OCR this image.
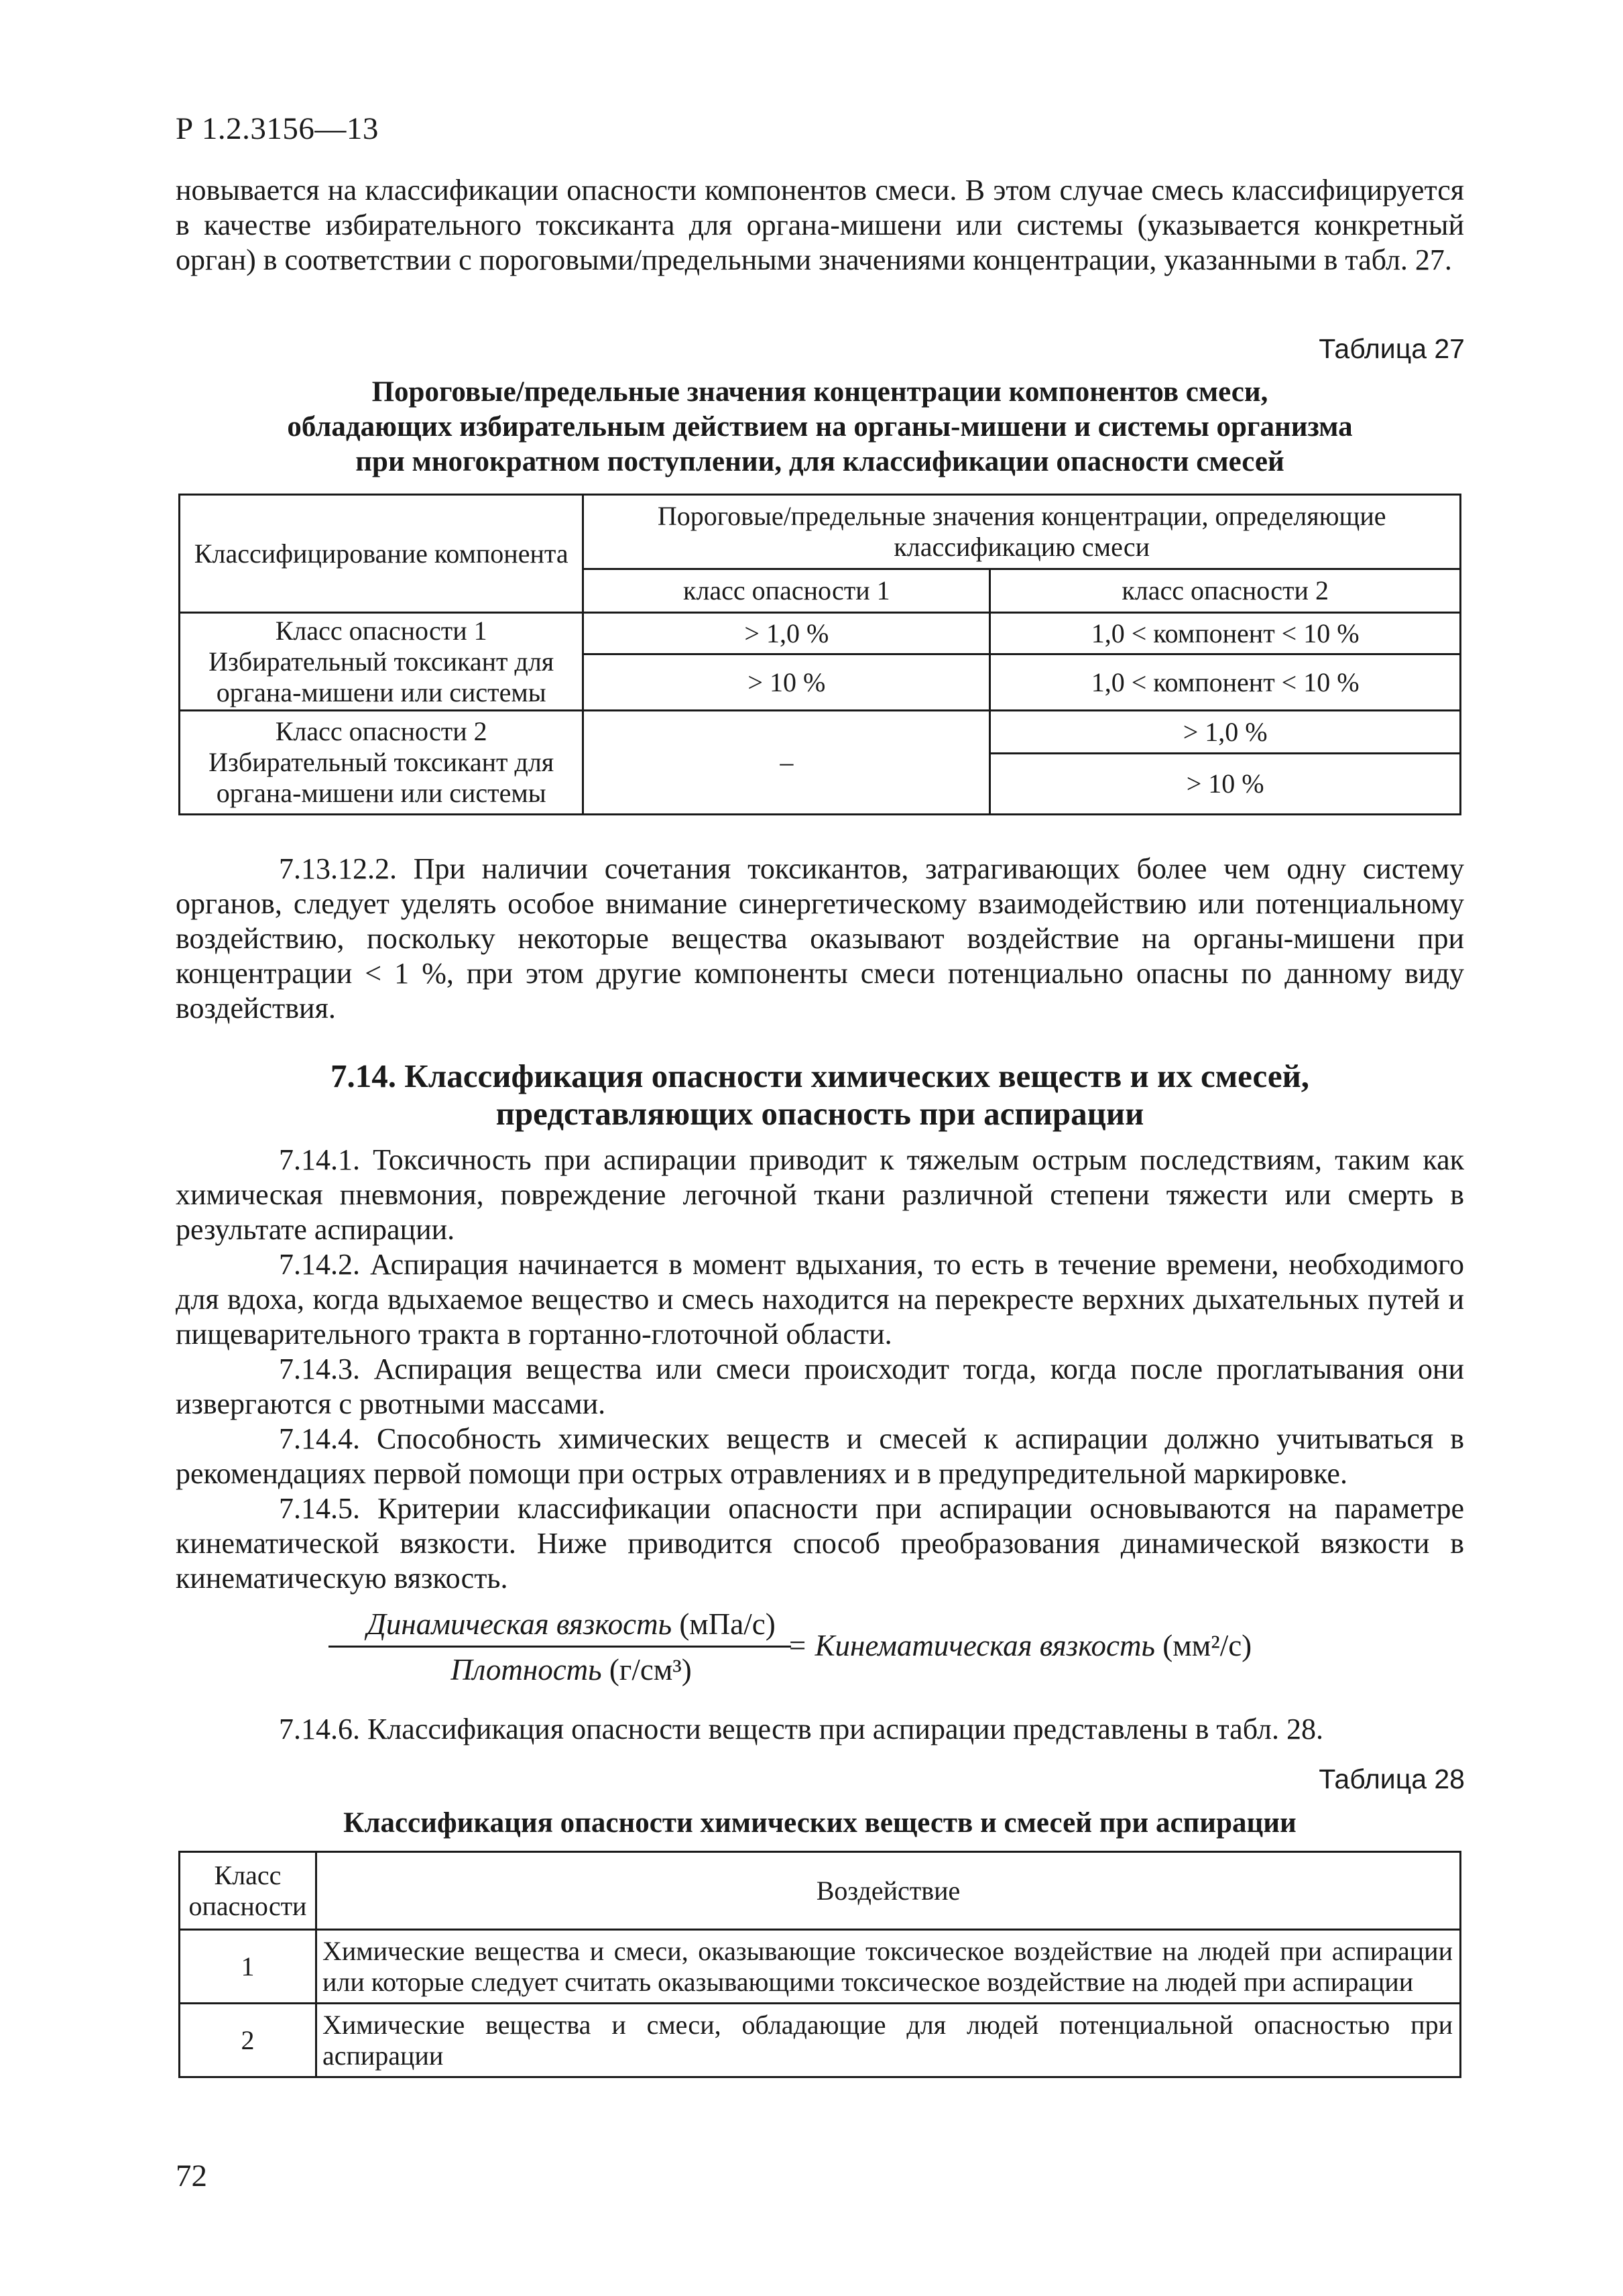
Р 1.2.3156—13

новывается на классификации опасности компонентов смеси. В этом случае смесь классифицируется в качестве избирательного токсиканта для органа-мишени или системы (указывается конкретный орган) в соответствии с пороговыми/предельными значениями концентрации, указанными в табл. 27.

Таблица 27
Пороговые/предельные значения концентрации компонентов смеси,
обладающих избирательным действием на органы-мишени и системы организма
при многократном поступлении, для классификации опасности смесей
Классифицирование компонента	Пороговые/предельные значения концентрации, определяющие классификацию смеси	
	класс опасности 1	класс опасности 2
Класс опасности 1 Избирательный токсикант для органа-мишени или системы	> 1,0 %	1,0 < компонент < 10 %
	> 10 %	1,0 < компонент < 10 %
Класс опасности 2 Избирательный токсикант для органа-мишени или системы	–	> 1,0 %
		> 10 %

7.13.12.2. При наличии сочетания токсикантов, затрагивающих более чем одну систему органов, следует уделять особое внимание синергетическому взаимодействию или потенциальному воздействию, поскольку некоторые вещества оказывают воздействие на органы-мишени при концентрации < 1 %, при этом другие компоненты смеси потенциально опасны по данному виду воздействия.

7.14. Классификация опасности химических веществ и их смесей,
представляющих опасность при аспирации

7.14.1. Токсичность при аспирации приводит к тяжелым острым последствиям, таким как химическая пневмония, повреждение легочной ткани различной степени тяжести или смерть в результате аспирации.

7.14.2. Аспирация начинается в момент вдыхания, то есть в течение времени, необходимого для вдоха, когда вдыхаемое вещество и смесь находится на перекресте верхних дыхательных путей и пищеварительного тракта в гортанно-глоточной области.

7.14.3. Аспирация вещества или смеси происходит тогда, когда после проглатывания они извергаются с рвотными массами.

7.14.4. Способность химических веществ и смесей к аспирации должно учитываться в рекомендациях первой помощи при острых отравлениях и в предупредительной маркировке.

7.14.5. Критерии классификации опасности при аспирации основываются на параметре кинематической вязкости. Ниже приводится способ преобразования динамической вязкости в кинематическую вязкость.

Динамическая вязкость (мПа/с)
Плотность (г/см³)
= Кинематическая вязкость (мм²/с)

7.14.6. Классификация опасности веществ при аспирации представлены в табл. 28.

Таблица 28
Классификация опасности химических веществ и смесей при аспирации
Класс опасности	Воздействие
1	Химические вещества и смеси, оказывающие токсическое воздействие на людей при аспирации или которые следует считать оказывающими токсическое воздействие на людей при аспирации
2	Химические вещества и смеси, обладающие для людей потенциальной опасностью при аспирации
72
